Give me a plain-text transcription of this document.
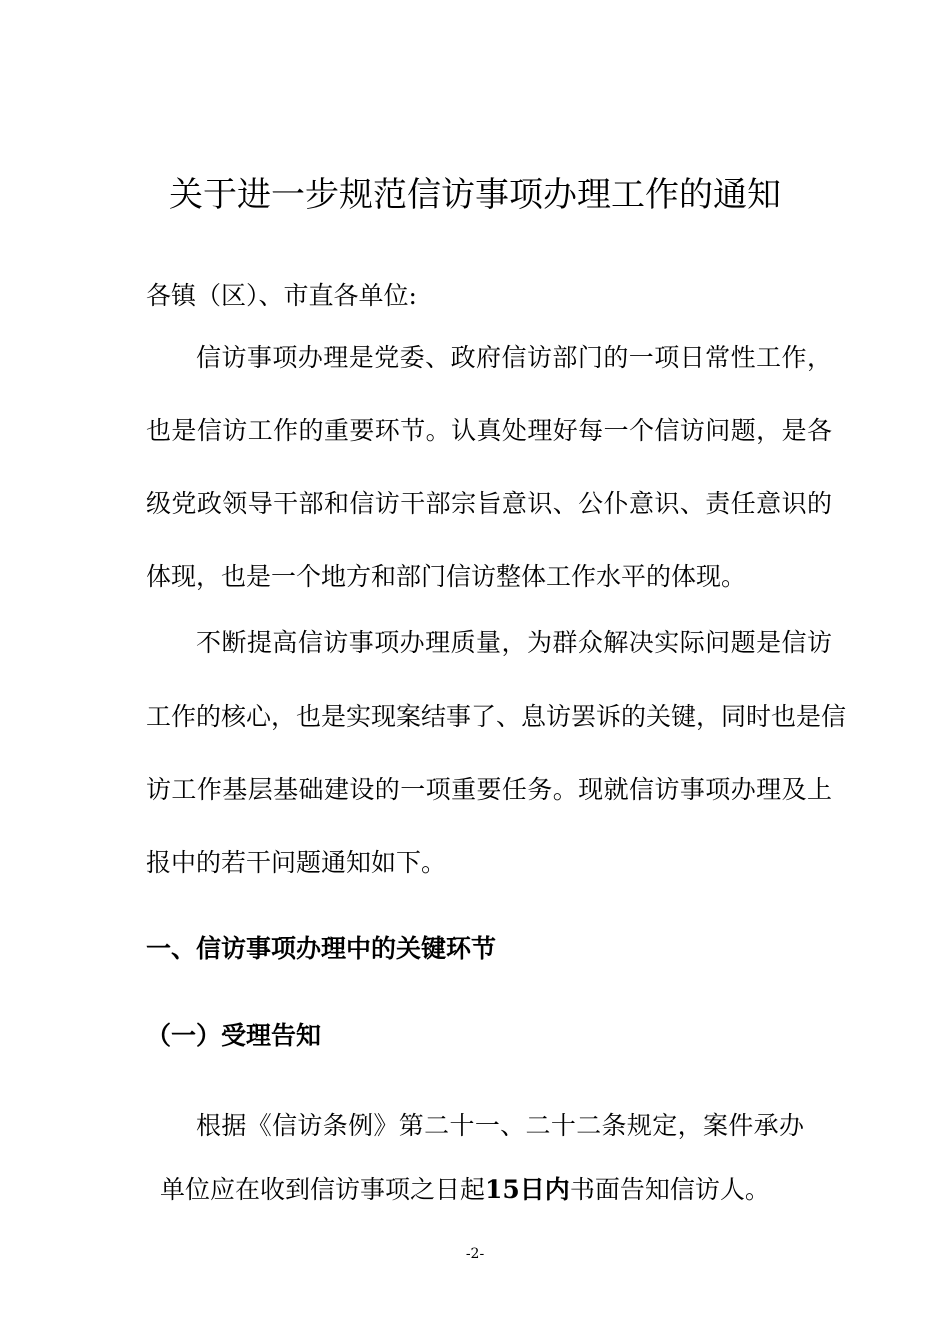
关于进一步规范信访事项办理工作的通知
各镇（区）、市直各单位:
信访事项办理是党委、政府信访部门的一项日常性工作，
也是信访工作的重要环节。认真处理好每一个信访问题，是各
级党政领导干部和信访干部宗旨意识、公仆意识、责任意识的
体现，也是一个地方和部门信访整体工作水平的体现。
不断提高信访事项办理质量，为群众解决实际问题是信访
工作的核心，也是实现案结事了、息访罢诉的关键，同时也是信
访工作基层基础建设的一项重要任务。现就信访事项办理及上
报中的若干问题通知如下。
一、信访事项办理中的关键环节
（一）受理告知
根据《信访条例》第二十一、二十二条规定，案件承办
单位应在收到信访事项之日起15日内书面告知信访人。
-2-
